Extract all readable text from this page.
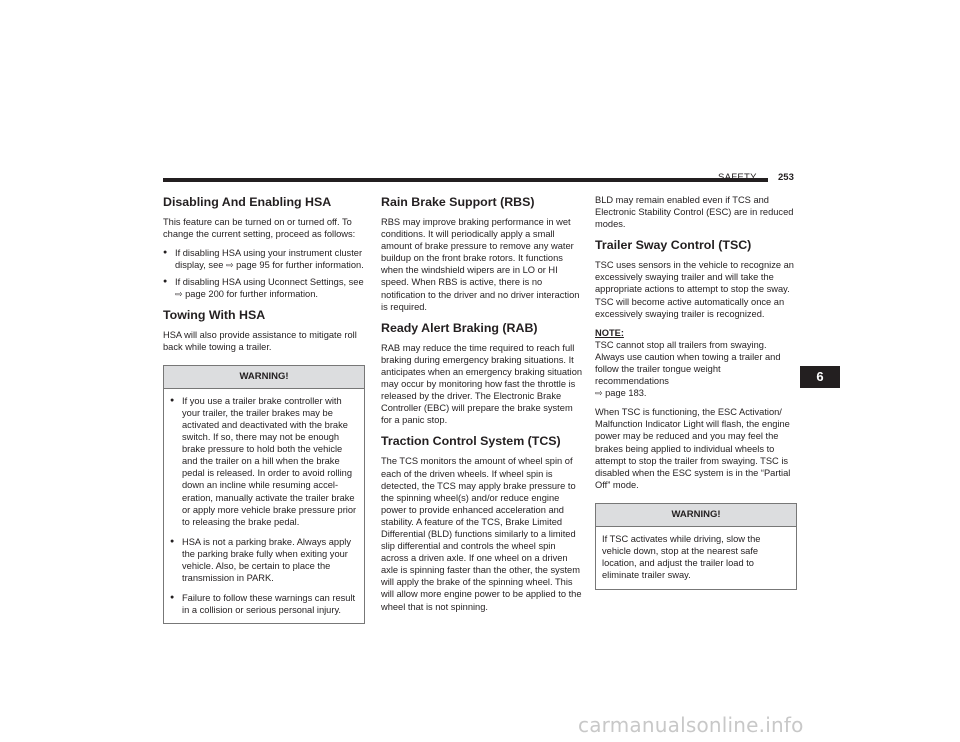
SAFETY 253
Disabling And Enabling HSA

This feature can be turned on or turned off. To change the current setting, proceed as follows:

● If disabling HSA using your instrument cluster display, see ⇨ page 95 for further information.
● If disabling HSA using Uconnect Settings, see
⇨ page 200 for further information.
Towing With HSA

HSA will also provide assistance to mitigate roll back while towing a trailer.

WARNING!
● If you use a trailer brake controller with your trailer, the trailer brakes may be activated and deactivated with the brake switch. If so, there may not be enough brake pressure to hold both the vehicle and the trailer on a hill when the brake pedal is released. In order to avoid rolling down an incline while resuming accel-eration, manually activate the trailer brake or apply more vehicle brake pressure prior to releasing the brake pedal.
● HSA is not a parking brake. Always apply the parking brake fully when exiting your vehicle. Also, be certain to place the transmission in PARK.
● Failure to follow these warnings can result in a collision or serious personal injury.
Rain Brake Support (RBS)

RBS may improve braking performance in wet conditions. It will periodically apply a small amount of brake pressure to remove any water buildup on the front brake rotors. It functions when the windshield wipers are in LO or HI speed. When RBS is active, there is no notification to the driver and no driver interaction is required.

Ready Alert Braking (RAB)

RAB may reduce the time required to reach full braking during emergency braking situations. It anticipates when an emergency braking situation may occur by monitoring how fast the throttle is released by the driver. The Electronic Brake Controller (EBC) will prepare the brake system for a panic stop.

Traction Control System (TCS)

The TCS monitors the amount of wheel spin of each of the driven wheels. If wheel spin is detected, the TCS may apply brake pressure to the spinning wheel(s) and/or reduce engine power to provide enhanced acceleration and stability. A feature of the TCS, Brake Limited Differential (BLD) functions similarly to a limited slip differential and controls the wheel spin across a driven axle. If one wheel on a driven axle is spinning faster than the other, the system will apply the brake of the spinning wheel. This will allow more engine power to be applied to the wheel that is not spinning.

BLD may remain enabled even if TCS and Electronic Stability Control (ESC) are in reduced modes.

Trailer Sway Control (TSC)

TSC uses sensors in the vehicle to recognize an excessively swaying trailer and will take the appropriate actions to attempt to stop the sway. TSC will become active automatically once an excessively swaying trailer is recognized.

NOTE:

TSC cannot stop all trailers from swaying. Always use caution when towing a trailer and follow the trailer tongue weight recommendations
⇨ page 183.

When TSC is functioning, the ESC Activation/ Malfunction Indicator Light will flash, the engine power may be reduced and you may feel the brakes being applied to individual wheels to attempt to stop the trailer from swaying. TSC is disabled when the ESC system is in the “Partial Off” mode.

WARNING!

If TSC activates while driving, slow the vehicle down, stop at the nearest safe location, and adjust the trailer load to eliminate trailer sway.

6
carmanualsonline.info
